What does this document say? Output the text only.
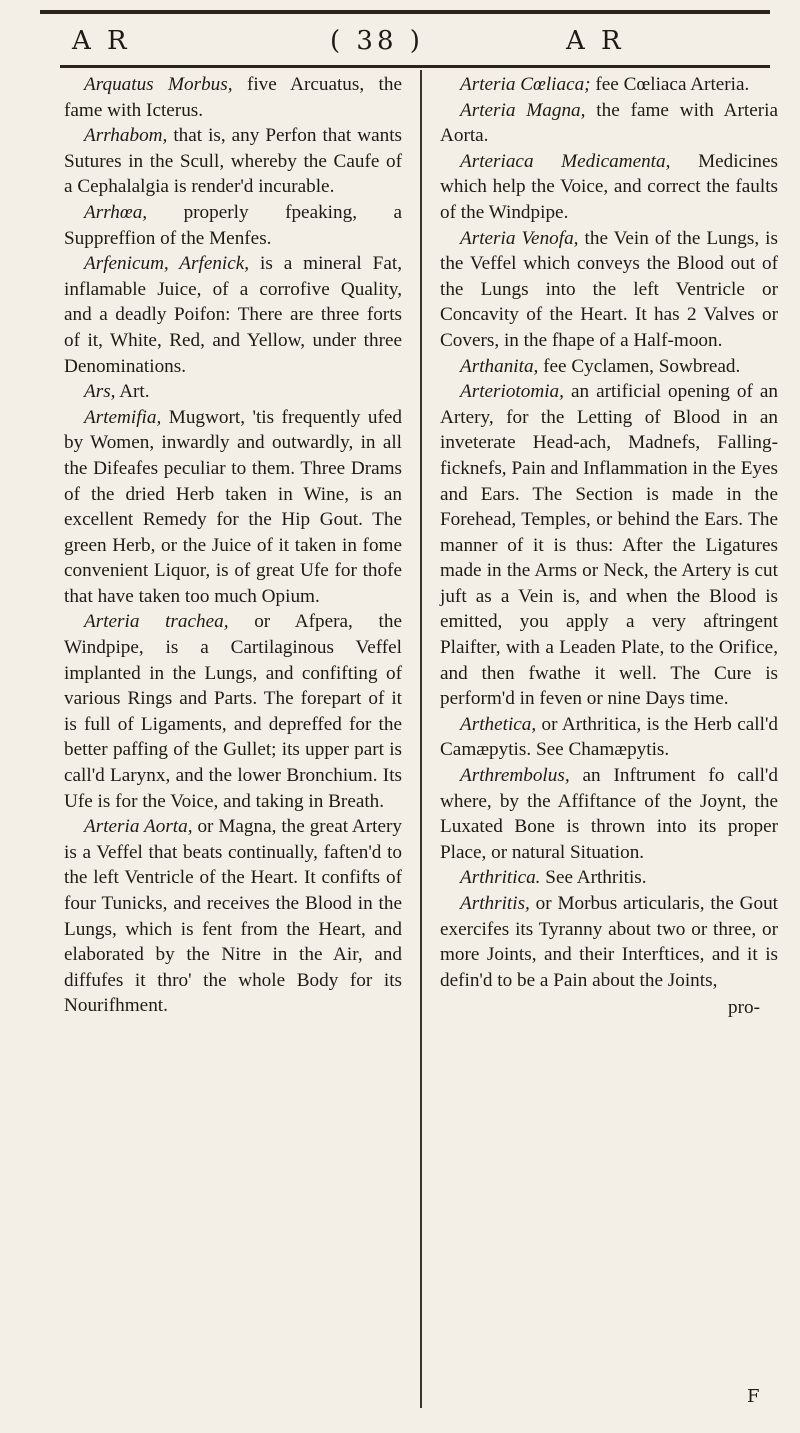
A R	( 38 )	A R

Arquatus Morbus, five Arcuatus, the fame with Icterus.

Arrhabom, that is, any Perfon that wants Sutures in the Scull, whereby the Caufe of a Cephalalgia is render'd incurable.

Arrhœa, properly fpeaking, a Suppreffion of the Menfes.

Arfenicum, Arfenick, is a mineral Fat, inflamable Juice, of a corrofive Quality, and a deadly Poifon: There are three forts of it, White, Red, and Yellow, under three Denominations.

Ars, Art.

Artemifia, Mugwort, 'tis frequently ufed by Women, inwardly and outwardly, in all the Difeafes peculiar to them. Three Drams of the dried Herb taken in Wine, is an excellent Remedy for the Hip Gout. The green Herb, or the Juice of it taken in fome convenient Liquor, is of great Ufe for thofe that have taken too much Opium.

Arteria trachea, or Afpera, the Windpipe, is a Cartilaginous Veffel implanted in the Lungs, and confifting of various Rings and Parts. The forepart of it is full of Ligaments, and depreffed for the better paffing of the Gullet; its upper part is call'd Larynx, and the lower Bronchium. Its Ufe is for the Voice, and taking in Breath.

Arteria Aorta, or Magna, the great Artery is a Veffel that beats continually, faften'd to the left Ventricle of the Heart. It confifts of four Tunicks, and receives the Blood in the Lungs, which is fent from the Heart, and elaborated by the Nitre in the Air, and diffufes it thro' the whole Body for its Nourifhment.

Arteria Cœliaca; fee Cœliaca Arteria.

Arteria Magna, the fame with Arteria Aorta.

Arteriaca Medicamenta, Medicines which help the Voice, and correct the faults of the Windpipe.

Arteria Venofa, the Vein of the Lungs, is the Veffel which conveys the Blood out of the Lungs into the left Ventricle or Concavity of the Heart. It has 2 Valves or Covers, in the fhape of a Half-moon.

Arthanita, fee Cyclamen, Sowbread.

Arteriotomia, an artificial opening of an Artery, for the Letting of Blood in an inveterate Head-ach, Madnefs, Falling-ficknefs, Pain and Inflammation in the Eyes and Ears. The Section is made in the Forehead, Temples, or behind the Ears. The manner of it is thus: After the Ligatures made in the Arms or Neck, the Artery is cut juft as a Vein is, and when the Blood is emitted, you apply a very aftringent Plaifter, with a Leaden Plate, to the Orifice, and then fwathe it well. The Cure is perform'd in feven or nine Days time.

Arthetica, or Arthritica, is the Herb call'd Camæpytis. See Chamæpytis.

Arthrembolus, an Inftrument fo call'd where, by the Affiftance of the Joynt, the Luxated Bone is thrown into its proper Place, or natural Situation.

Arthritica. See Arthritis.

Arthritis, or Morbus articularis, the Gout exercifes its Tyranny about two or three, or more Joints, and their Interftices, and it is defin'd to be a Pain about the Joints,

pro-
F
